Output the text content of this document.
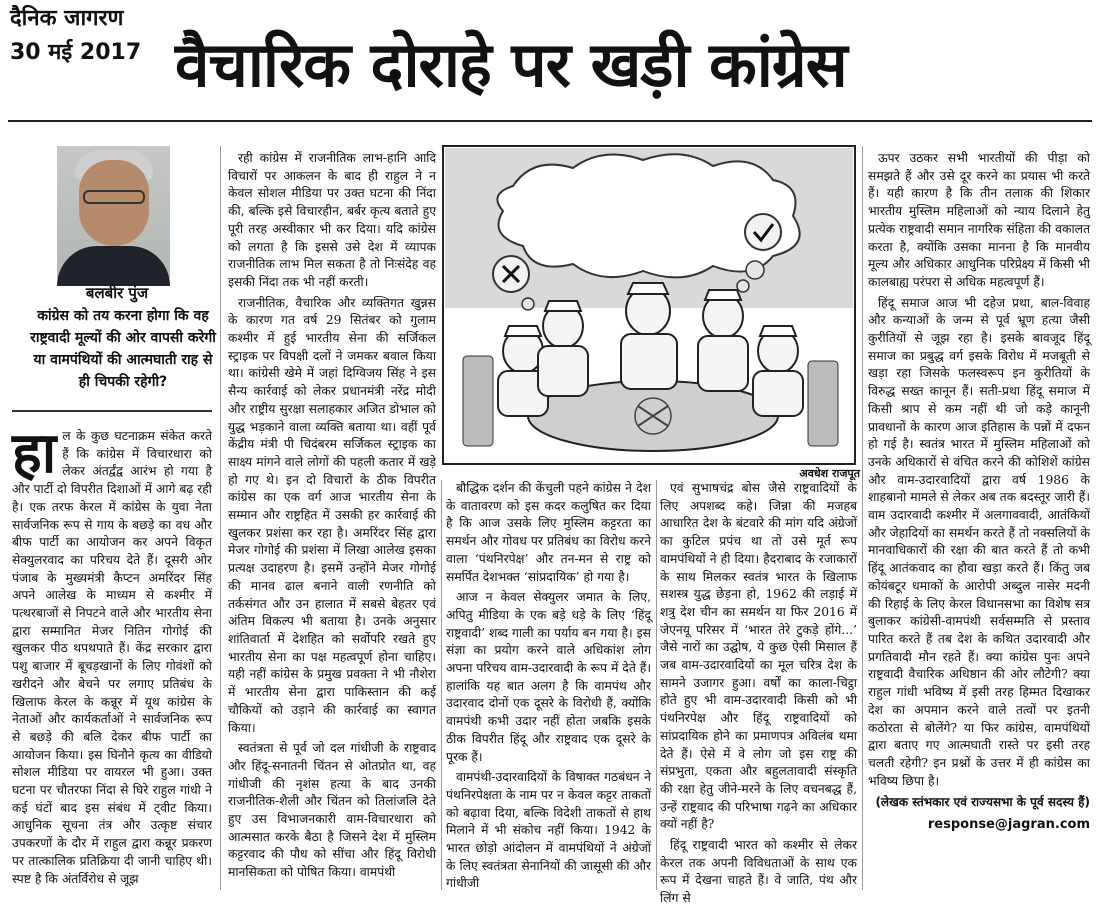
दैनिक जागरण
30 मई 2017 वैचारिक दोराहे पर खड़ी कांग्रेस
बलबीर पुंज
कांग्रेस को तय करना होगा कि वह राष्ट्रवादी मूल्यों की ओर वापसी करेगी या वामपंथियों की आत्मघाती राह से ही चिपकी रहेगी?
हा ल के कुछ घटनाक्रम संकेत करते हैं कि कांग्रेस में विचारधारा को लेकर अंतर्द्वंद्व आरंभ हो गया है और पार्टी दो विपरीत दिशाओं में आगे बढ़ रही है। एक तरफ केरल में कांग्रेस के युवा नेता सार्वजनिक रूप से गाय के बछड़े का वध और बीफ पार्टी का आयोजन कर अपने विकृत सेक्युलरवाद का परिचय देते हैं। दूसरी ओर पंजाब के मुख्यमंत्री कैप्टन अमरिंदर सिंह अपने आलेख के माध्यम से कश्मीर में पत्थरबाजों से निपटने वाले और भारतीय सेना द्वारा सम्मानित मेजर नितिन गोगोई की खुलकर पीठ थपथपाते हैं। केंद्र सरकार द्वारा पशु बाजार में बूचड़खानों के लिए गोवंशों को खरीदने और बेचने पर लगाए प्रतिबंध के खिलाफ केरल के कन्नूर में यूथ कांग्रेस के नेताओं और कार्यकर्ताओं ने सार्वजनिक रूप से बछड़े की बलि देकर बीफ पार्टी का आयोजन किया। इस घिनौने कृत्य का वीडियो सोशल मीडिया पर वायरल भी हुआ। उक्त घटना पर चौतरफा निंदा से घिरे राहुल गांधी ने कई घंटों बाद इस संबंध में ट्वीट किया। आधुनिक सूचना तंत्र और उत्कृष्ट संचार उपकरणों के दौर में राहुल द्वारा कन्नूर प्रकरण पर तात्कालिक प्रतिक्रिया दी जानी चाहिए थी। स्पष्ट है कि अंतर्विरोध से जूझ

रही कांग्रेस में राजनीतिक लाभ-हानि आदि विचारों पर आकलन के बाद ही राहुल ने न केवल सोशल मीडिया पर उक्त घटना की निंदा की, बल्कि इसे विचारहीन, बर्बर कृत्य बताते हुए पूरी तरह अस्वीकार भी कर दिया। यदि कांग्रेस को लगता है कि इससे उसे देश में व्यापक राजनीतिक लाभ मिल सकता है तो निःसंदेह वह इसकी निंदा तक भी नहीं करती।

राजनीतिक, वैचारिक और व्यक्तिगत खुन्नस के कारण गत वर्ष 29 सितंबर को गुलाम कश्मीर में हुई भारतीय सेना की सर्जिकल स्ट्राइक पर विपक्षी दलों ने जमकर बवाल किया था। कांग्रेसी खेमे में जहां दिग्विजय सिंह ने इस सैन्य कार्रवाई को लेकर प्रधानमंत्री नरेंद्र मोदी और राष्ट्रीय सुरक्षा सलाहकार अजित डोभाल को युद्ध भड़काने वाला व्यक्ति बताया था। वहीं पूर्व केंद्रीय मंत्री पी चिदंबरम सर्जिकल स्ट्राइक का साक्ष्य मांगने वाले लोगों की पहली कतार में खड़े हो गए थे। इन दो विचारों के ठीक विपरीत कांग्रेस का एक वर्ग आज भारतीय सेना के सम्मान और राष्ट्रहित में उसकी हर कार्रवाई की खुलकर प्रशंसा कर रहा है। अमरिंदर सिंह द्वारा मेजर गोगोई की प्रशंसा में लिखा आलेख इसका प्रत्यक्ष उदाहरण है। इसमें उन्होंने मेजर गोगोई की मानव ढाल बनाने वाली रणनीति को तर्कसंगत और उन हालात में सबसे बेहतर एवं अंतिम विकल्प भी बताया है। उनके अनुसार शांतिवार्ता में देशहित को सर्वोपरि रखते हुए भारतीय सेना का पक्ष महत्वपूर्ण होना चाहिए। यही नहीं कांग्रेस के प्रमुख प्रवक्ता ने भी नौशेरा में भारतीय सेना द्वारा पाकिस्तान की कई चौकियों को उड़ाने की कार्रवाई का स्वागत किया।

स्वतंत्रता से पूर्व जो दल गांधीजी के राष्ट्रवाद और हिंदू-सनातनी चिंतन से ओतप्रोत था, वह गांधीजी की नृशंस हत्या के बाद उनकी राजनीतिक-शैली और चिंतन को तिलांजलि देते हुए उस विभाजनकारी वाम-विचारधारा को आत्मसात करके बैठा है जिसने देश में मुस्लिम कट्टरवाद की पौध को सींचा और हिंदू विरोधी मानसिकता को पोषित किया। वामपंथी

अवधेश राजपूत

बौद्धिक दर्शन की केंचुली पहने कांग्रेस ने देश के वातावरण को इस कदर कलुषित कर दिया है कि आज उसके लिए मुस्लिम कट्टरता का समर्थन और गोवध पर प्रतिबंध का विरोध करने वाला ‘पंथनिरपेक्ष’ और तन-मन से राष्ट्र को समर्पित देशभक्त ‘सांप्रदायिक’ हो गया है।

आज न केवल सेक्युलर जमात के लिए, अपितु मीडिया के एक बड़े धड़े के लिए ‘हिंदू राष्ट्रवादी’ शब्द गाली का पर्याय बन गया है। इस संज्ञा का प्रयोग करने वाले अधिकांश लोग अपना परिचय वाम-उदारवादी के रूप में देते हैं। हालांकि यह बात अलग है कि वामपंथ और उदारवाद दोनों एक दूसरे के विरोधी हैं, क्योंकि वामपंथी कभी उदार नहीं होता जबकि इसके ठीक विपरीत हिंदू और राष्ट्रवाद एक दूसरे के पूरक हैं।

वामपंथी-उदारवादियों के विषाक्त गठबंधन ने पंथनिरपेक्षता के नाम पर न केवल कट्टर ताकतों को बढ़ावा दिया, बल्कि विदेशी ताकतों से हाथ मिलाने में भी संकोच नहीं किया। 1942 के भारत छोड़ो आंदोलन में वामपंथियों ने अंग्रेजों के लिए स्वतंत्रता सेनानियों की जासूसी की और गांधीजी

एवं सुभाषचंद्र बोस जैसे राष्ट्रवादियों के लिए अपशब्द कहे। जिन्ना की मजहब आधारित देश के बंटवारे की मांग यदि अंग्रेजों का कुटिल प्रपंच था तो उसे मूर्त रूप वामपंथियों ने ही दिया। हैदराबाद के रजाकारों के साथ मिलकर स्वतंत्र भारत के खिलाफ सशस्त्र युद्ध छेड़ना हो, 1962 की लड़ाई में शत्रु देश चीन का समर्थन या फिर 2016 में जेएनयू परिसर में ‘भारत तेरे टुकड़े होंगे...’ जैसे नारों का उद्घोष, ये कुछ ऐसी मिसाल हैं जब वाम-उदारवादियों का मूल चरित्र देश के सामने उजागर हुआ। वर्षों का काला-चिट्ठा होते हुए भी वाम-उदारवादी किसी को भी पंथनिरपेक्ष और हिंदू राष्ट्रवादियों को सांप्रदायिक होने का प्रमाणपत्र अविलंब थमा देते हैं। ऐसे में वे लोग जो इस राष्ट्र की संप्रभुता, एकता और बहुलतावादी संस्कृति की रक्षा हेतु जीने-मरने के लिए वचनबद्ध हैं, उन्हें राष्ट्रवाद की परिभाषा गढ़ने का अधिकार क्यों नहीं है?

हिंदू राष्ट्रवादी भारत को कश्मीर से लेकर केरल तक अपनी विविधताओं के साथ एक रूप में देखना चाहते हैं। वे जाति, पंथ और लिंग से

ऊपर उठकर सभी भारतीयों की पीड़ा को समझते हैं और उसे दूर करने का प्रयास भी करते हैं। यही कारण है कि तीन तलाक की शिकार भारतीय मुस्लिम महिलाओं को न्याय दिलाने हेतु प्रत्येक राष्ट्रवादी समान नागरिक संहिता की वकालत करता है, क्योंकि उसका मानना है कि मानवीय मूल्य और अधिकार आधुनिक परिप्रेक्ष्य में किसी भी कालबाह्य परंपरा से अधिक महत्वपूर्ण हैं।

हिंदू समाज आज भी दहेज प्रथा, बाल-विवाह और कन्याओं के जन्म से पूर्व भ्रूण हत्या जैसी कुरीतियों से जूझ रहा है। इसके बावजूद हिंदू समाज का प्रबुद्ध वर्ग इसके विरोध में मजबूती से खड़ा रहा जिसके फलस्वरूप इन कुरीतियों के विरुद्ध सख्त कानून हैं। सती-प्रथा हिंदू समाज में किसी श्राप से कम नहीं थी जो कड़े कानूनी प्रावधानों के कारण आज इतिहास के पन्नों में दफन हो गई है। स्वतंत्र भारत में मुस्लिम महिलाओं को उनके अधिकारों से वंचित करने की कोशिशें कांग्रेस और वाम-उदारवादियों द्वारा वर्ष 1986 के शाहबानो मामले से लेकर अब तक बदस्तूर जारी हैं। वाम उदारवादी कश्मीर में अलगाववादी, आतंकियों और जेहादियों का समर्थन करते हैं तो नक्सलियों के मानवाधिकारों की रक्षा की बात करते हैं तो कभी हिंदू आतंकवाद का हौवा खड़ा करते हैं। किंतु जब कोयंबटूर धमाकों के आरोपी अब्दुल नासेर मदनी की रिहाई के लिए केरल विधानसभा का विशेष सत्र बुलाकर कांग्रेसी-वामपंथी सर्वसम्मति से प्रस्ताव पारित करते हैं तब देश के कथित उदारवादी और प्रगतिवादी मौन रहते हैं। क्या कांग्रेस पुनः अपने राष्ट्रवादी वैचारिक अधिष्ठान की ओर लौटेगी? क्या राहुल गांधी भविष्य में इसी तरह हिम्मत दिखाकर देश का अपमान करने वाले तत्वों पर इतनी कठोरता से बोलेंगे? या फिर कांग्रेस, वामपंथियों द्वारा बताए गए आत्मघाती रास्ते पर इसी तरह चलती रहेगी? इन प्रश्नों के उत्तर में ही कांग्रेस का भविष्य छिपा है।

(लेखक स्तंभकार एवं राज्यसभा के पूर्व सदस्य हैं)
response@jagran.com
